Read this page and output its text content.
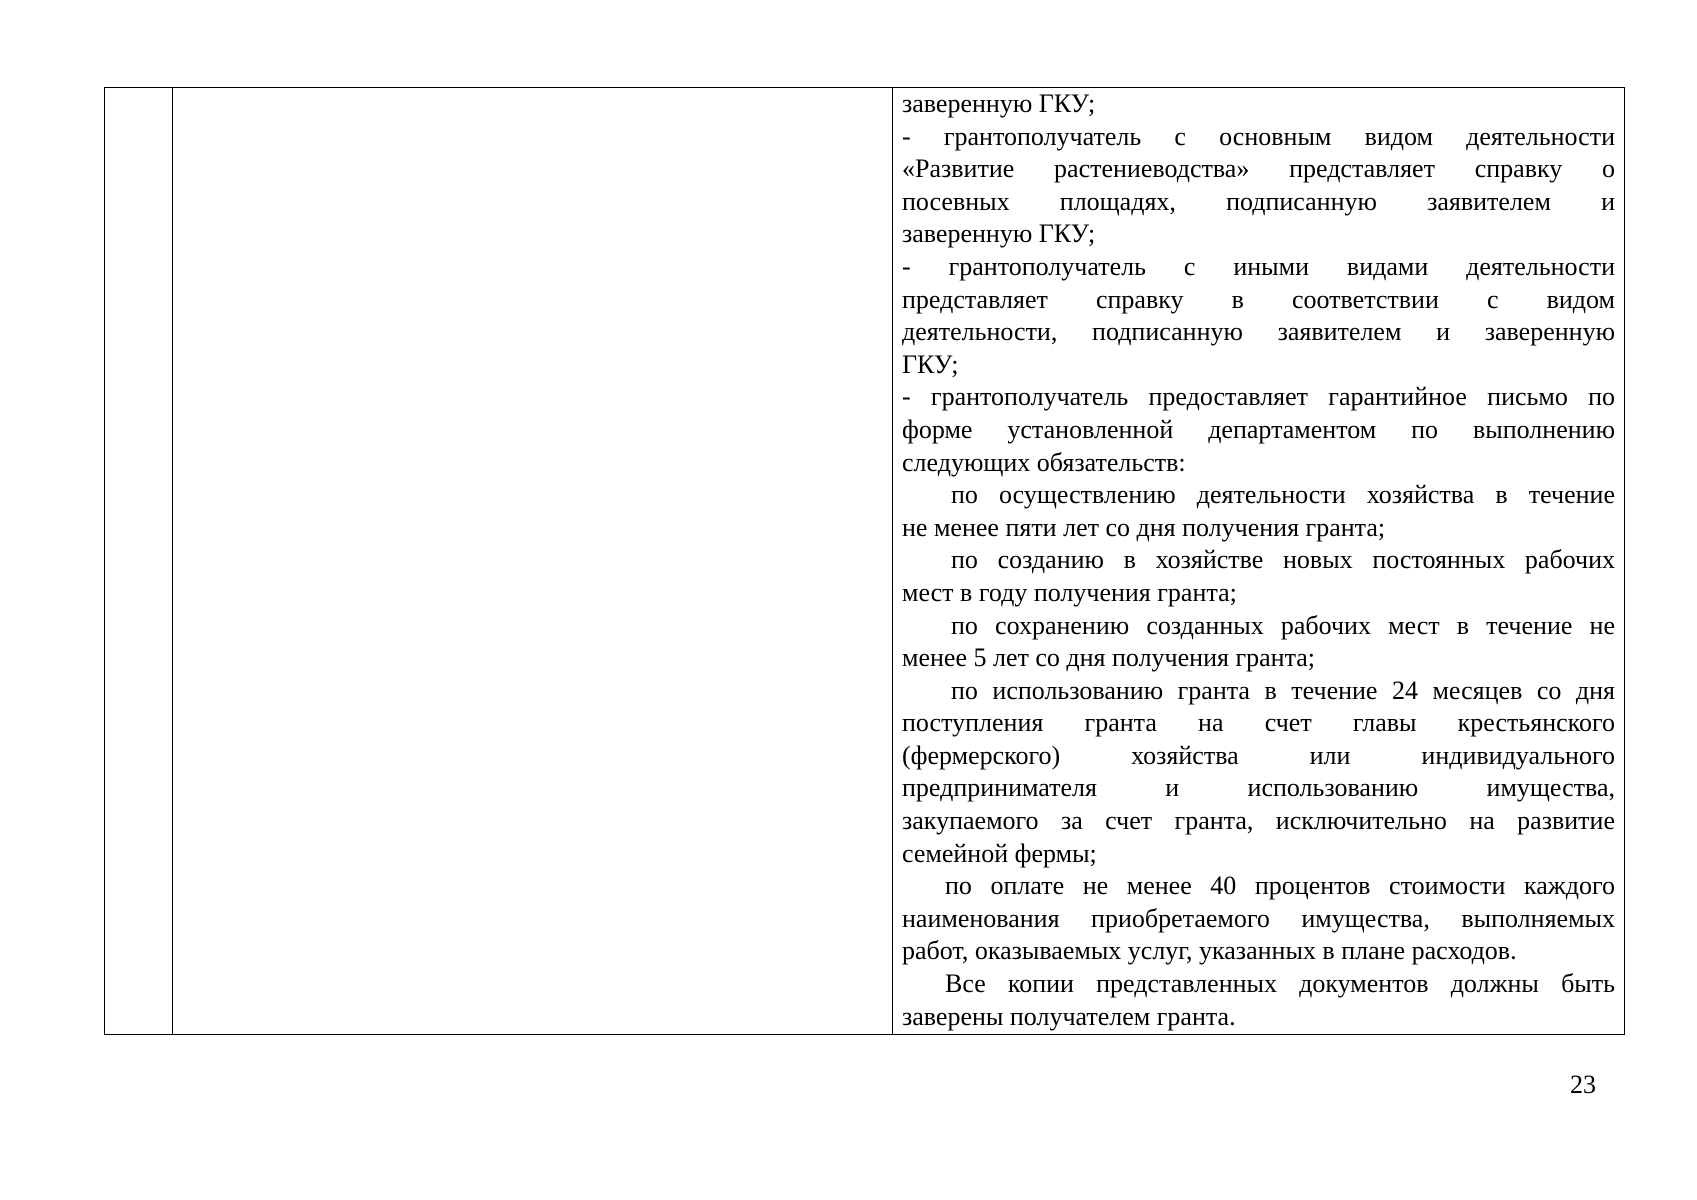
заверенную ГКУ;
- грантополучатель с основным видом деятельности
«Развитие растениеводства» представляет справку о
посевных площадях, подписанную заявителем и
заверенную ГКУ;
- грантополучатель с иными видами деятельности
представляет справку в соответствии с видом
деятельности, подписанную заявителем и заверенную
ГКУ;
- грантополучатель предоставляет гарантийное письмо по
форме установленной департаментом по выполнению
следующих обязательств:
по осуществлению деятельности хозяйства в течение
не менее пяти лет со дня получения гранта;
по созданию в хозяйстве новых постоянных рабочих
мест в году получения гранта;
по сохранению созданных рабочих мест в течение не
менее 5 лет со дня получения гранта;
по использованию гранта в течение 24 месяцев со дня
поступления гранта на счет главы крестьянского
(фермерского) хозяйства или индивидуального
предпринимателя и использованию имущества,
закупаемого за счет гранта, исключительно на развитие
семейной фермы;
по оплате не менее 40 процентов стоимости каждого
наименования приобретаемого имущества, выполняемых
работ, оказываемых услуг, указанных в плане расходов.
Все копии представленных документов должны быть
заверены получателем гранта.
23
